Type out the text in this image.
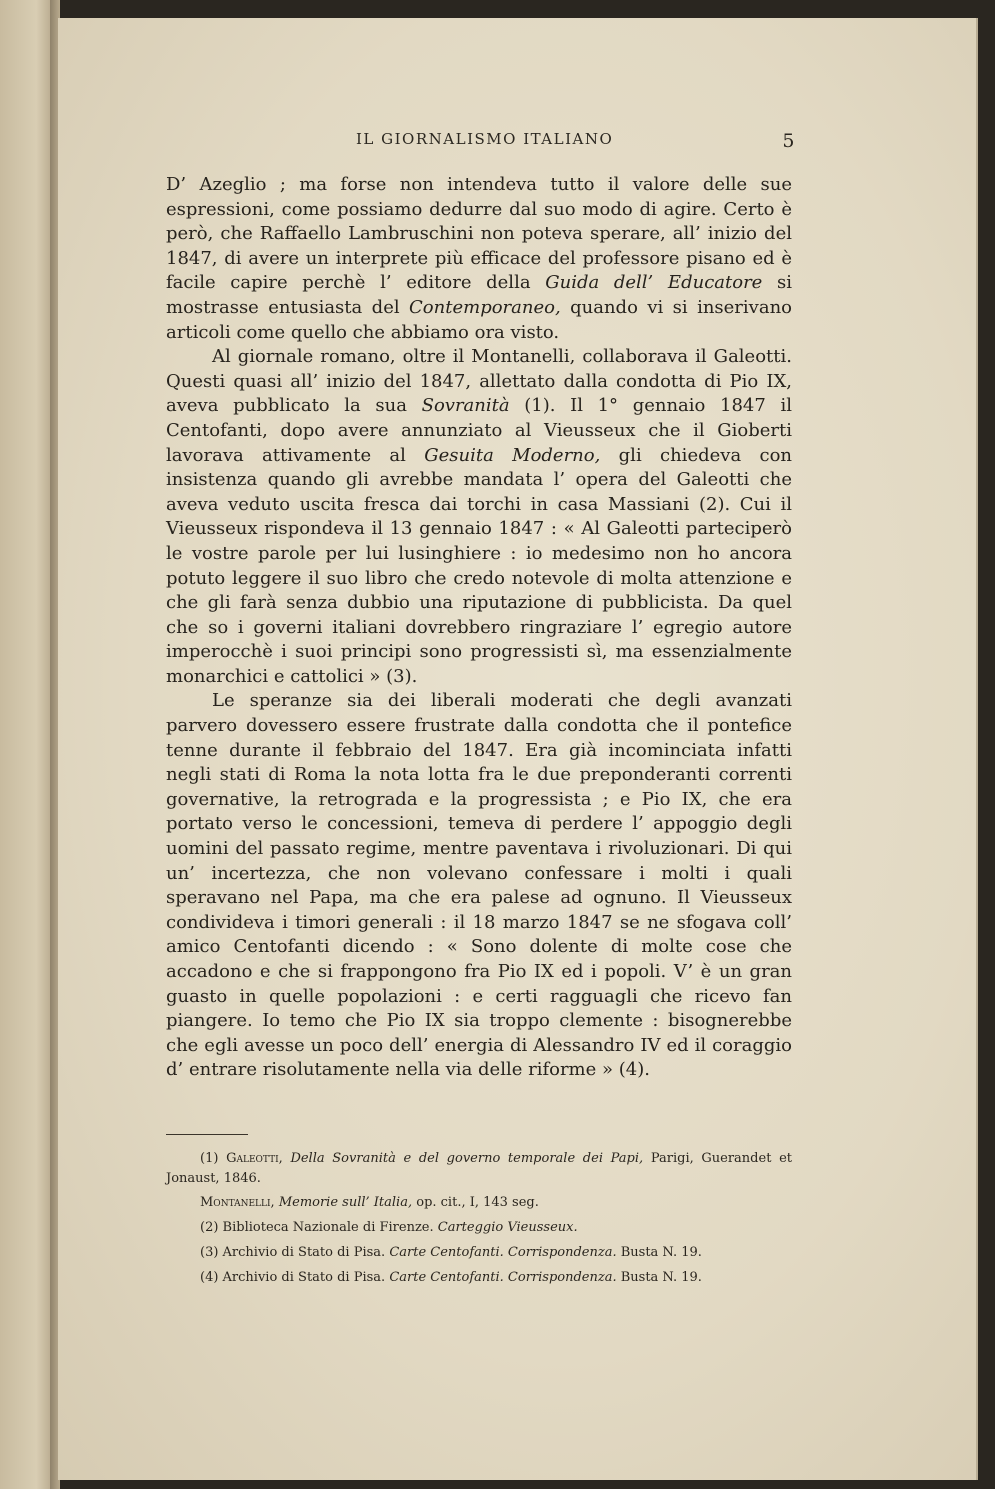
IL GIORNALISMO ITALIANO	5

D’ Azeglio ; ma forse non intendeva tutto il valore delle sue espressioni, come possiamo dedurre dal suo modo di agire. Certo è però, che Raffaello Lambruschini non poteva sperare, all’ inizio del 1847, di avere un interprete più efficace del professore pisano ed è facile capire perchè l’ editore della Guida dell’ Educatore si mostrasse entusiasta del Contemporaneo, quando vi si inserivano articoli come quello che abbiamo ora visto.

Al giornale romano, oltre il Montanelli, collaborava il Galeotti. Questi quasi all’ inizio del 1847, allettato dalla condotta di Pio IX, aveva pubblicato la sua Sovranità (1). Il 1° gennaio 1847 il Centofanti, dopo avere annunziato al Vieusseux che il Gioberti lavorava attivamente al Gesuita Moderno, gli chiedeva con insistenza quando gli avrebbe mandata l’ opera del Galeotti che aveva veduto uscita fresca dai torchi in casa Massiani (2). Cui il Vieusseux rispondeva il 13 gennaio 1847 : « Al Galeotti parteciperò le vostre parole per lui lusinghiere : io medesimo non ho ancora potuto leggere il suo libro che credo notevole di molta attenzione e che gli farà senza dubbio una riputazione di pubblicista. Da quel che so i governi italiani dovrebbero ringraziare l’ egregio autore imperocchè i suoi principi sono progressisti sì, ma essenzialmente monarchici e cattolici » (3).

Le speranze sia dei liberali moderati che degli avanzati parvero dovessero essere frustrate dalla condotta che il pontefice tenne durante il febbraio del 1847. Era già incominciata infatti negli stati di Roma la nota lotta fra le due preponderanti correnti governative, la retrograda e la progressista ; e Pio IX, che era portato verso le concessioni, temeva di perdere l’ appoggio degli uomini del passato regime, mentre paventava i rivoluzionari. Di qui un’ incertezza, che non volevano confessare i molti i quali speravano nel Papa, ma che era palese ad ognuno. Il Vieusseux condivideva i timori generali : il 18 marzo 1847 se ne sfogava coll’ amico Centofanti dicendo : « Sono dolente di molte cose che accadono e che si frappongono fra Pio IX ed i popoli. V’ è un gran guasto in quelle popolazioni : e certi ragguagli che ricevo fan piangere. Io temo che Pio IX sia troppo clemente : bisognerebbe che egli avesse un poco dell’ energia di Alessandro IV ed il coraggio d’ entrare risolutamente nella via delle riforme » (4).

(1) Galeotti, Della Sovranità e del governo temporale dei Papi, Parigi, Guerandet et Jonaust, 1846.
Montanelli, Memorie sull’ Italia, op. cit., I, 143 seg.
(2) Biblioteca Nazionale di Firenze. Carteggio Vieusseux.
(3) Archivio di Stato di Pisa. Carte Centofanti. Corrispondenza. Busta N. 19.
(4) Archivio di Stato di Pisa. Carte Centofanti. Corrispondenza. Busta N. 19.
